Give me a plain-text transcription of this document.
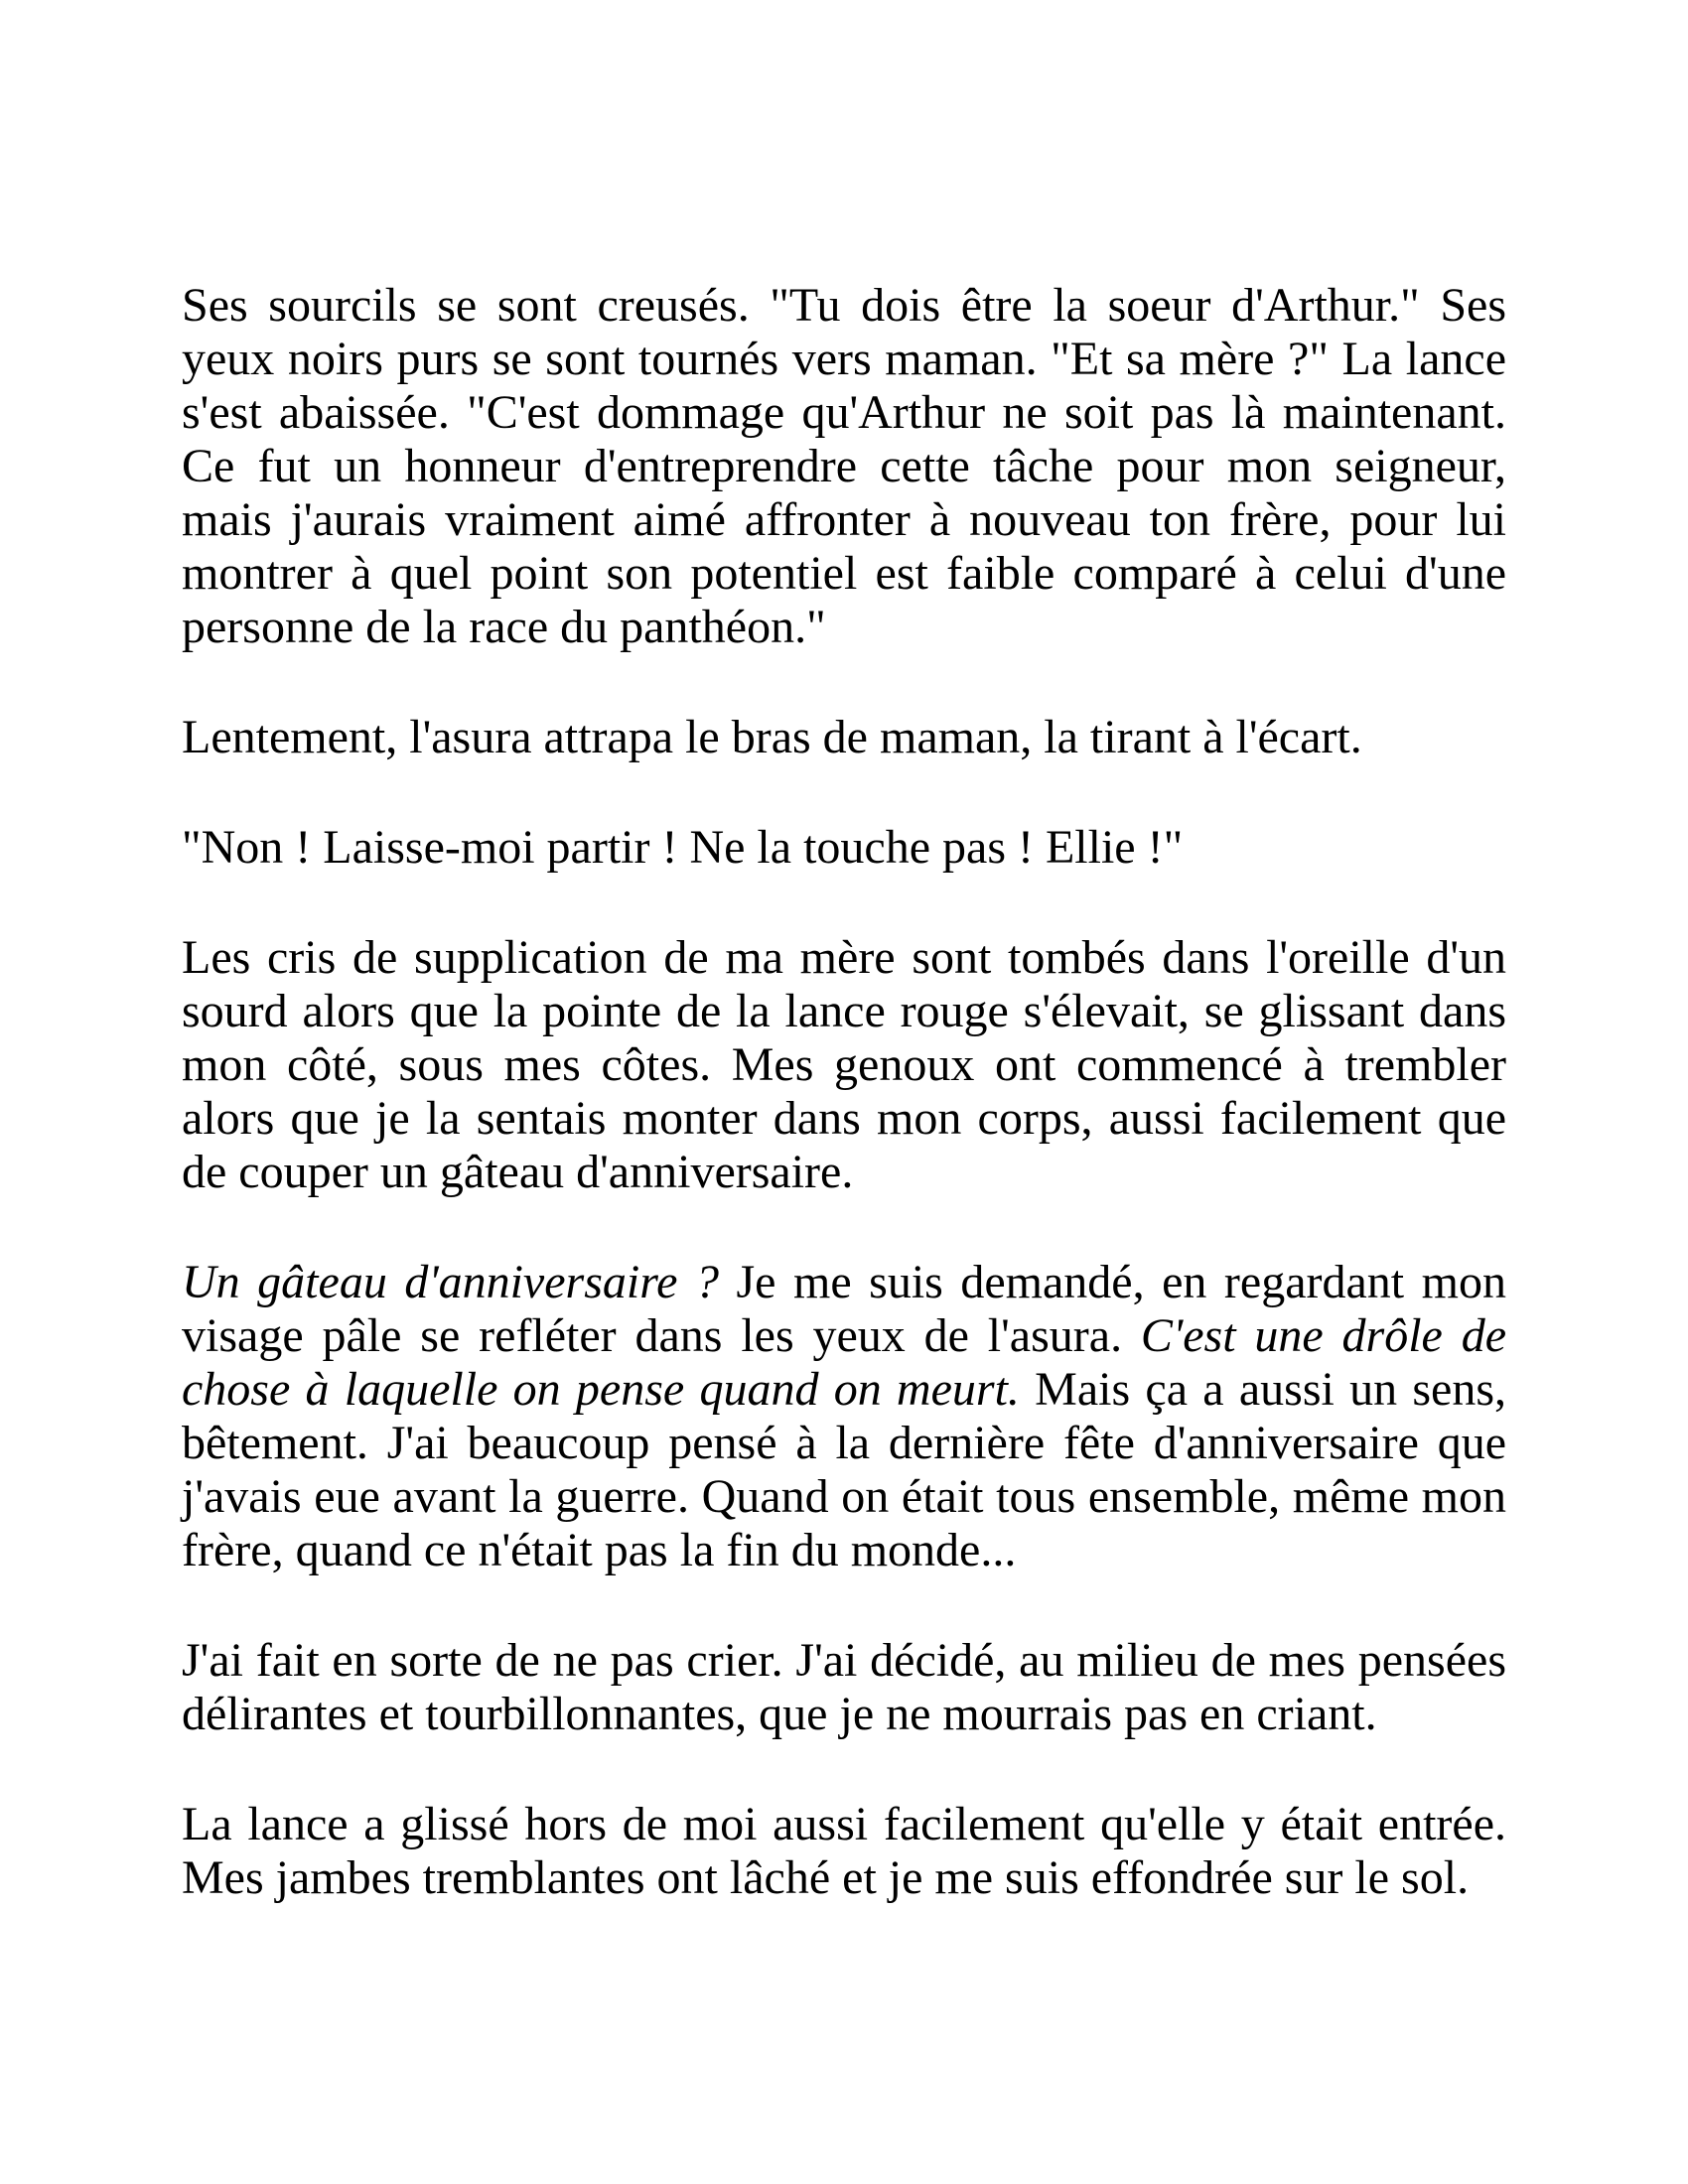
Ses sourcils se sont creusés. "Tu dois être la soeur d'Arthur." Ses yeux noirs purs se sont tournés vers maman. "Et sa mère ?" La lance s'est abaissée. "C'est dommage qu'Arthur ne soit pas là maintenant. Ce fut un honneur d'entreprendre cette tâche pour mon seigneur, mais j'aurais vraiment aimé affronter à nouveau ton frère, pour lui montrer à quel point son potentiel est faible comparé à celui d'une personne de la race du panthéon."

Lentement, l'asura attrapa le bras de maman, la tirant à l'écart.

"Non ! Laisse-moi partir ! Ne la touche pas ! Ellie !"

Les cris de supplication de ma mère sont tombés dans l'oreille d'un sourd alors que la pointe de la lance rouge s'élevait, se glissant dans mon côté, sous mes côtes. Mes genoux ont commencé à trembler alors que je la sentais monter dans mon corps, aussi facilement que de couper un gâteau d'anniversaire.

Un gâteau d'anniversaire ? Je me suis demandé, en regardant mon visage pâle se refléter dans les yeux de l'asura. C'est une drôle de chose à laquelle on pense quand on meurt. Mais ça a aussi un sens, bêtement. J'ai beaucoup pensé à la dernière fête d'anniversaire que j'avais eue avant la guerre. Quand on était tous ensemble, même mon frère, quand ce n'était pas la fin du monde...

J'ai fait en sorte de ne pas crier. J'ai décidé, au milieu de mes pensées délirantes et tourbillonnantes, que je ne mourrais pas en criant.

La lance a glissé hors de moi aussi facilement qu'elle y était entrée. Mes jambes tremblantes ont lâché et je me suis effondrée sur le sol.
